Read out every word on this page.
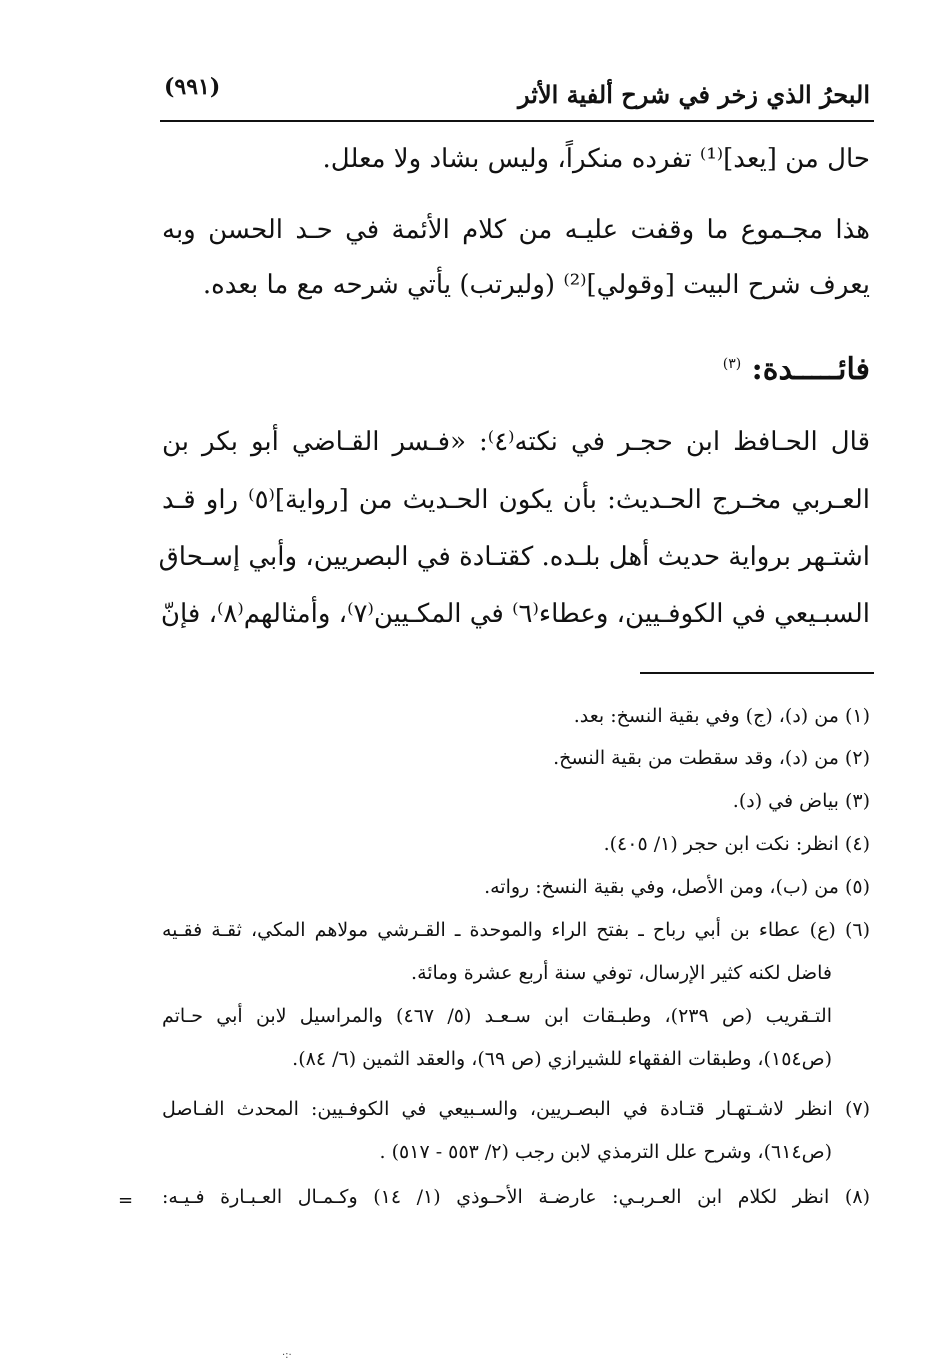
البحرُ الذي زخر في شرح ألفية الأثر
(٩٩١)
حال من [يعد]⁽¹⁾ تفرده منكراً، وليس بشاد ولا معلل.
هذا مجـموع ما وقفت عليـه من كلام الأئمة في حـد الحسن وبه
يعرف شرح البيت [وقولي]⁽²⁾ (وليرتب) يأتي شرحه مع ما بعده.
فائـــــدة: $^{(٣)}$
قال الحـافظ ابن حجـر في نكته⁽٤⁾: «فـسر القـاضي أبو بكر بن
العـربي مخـرج الحـديث: بأن يكون الحـديث من [رواية]⁽٥⁾ راو قـد
اشتـهر برواية حديث أهل بلـده. كقتـادة في البصريين، وأبي إسـحاق
السبـيعي في الكوفـيين، وعطاء⁽٦⁾ في المكـيين⁽٧⁾، وأمثالهم⁽٨⁾، فإنّ
(١) من (د)، (ج) وفي بقية النسخ: بعد.
(٢) من (د)، وقد سقطت من بقية النسخ.
(٣) بياض في (د).
(٤) انظر: نكت ابن حجر (١/ ٤٠٥).
(٥) من (ب)، ومن الأصل، وفي بقية النسخ: رواته.
(٦) (ع) عطاء بن أبي رباح ـ بفتح الراء والموحدة ـ القـرشي مولاهم المكي، ثقـة فقـيه
فاضل لكنه كثير الإرسال، توفي سنة أربع عشرة ومائة.
التـقريب (ص ٢٣٩)، وطبـقات ابن سـعـد (٥/ ٤٦٧) والمراسيل لابن أبي حـاتم
(ص١٥٤)، وطبقات الفقهاء للشيرازي (ص ٦٩)، والعقد الثمين (٦/ ٨٤).
(٧) انظر لاشـتهـار قتـادة في البصـريين، والسـبيعي في الكوفـيين: المحدث الفـاصل
(ص٦١٤)، وشرح علل الترمذي لابن رجب (٢/ ٥٥٣ - ٥١٧) .
(٨) انظر لكلام ابن العـربـي: عارضـة الأحـوذي (١/ ١٤) وكـمـال العـبـارة فـيـه:
=
·:·
